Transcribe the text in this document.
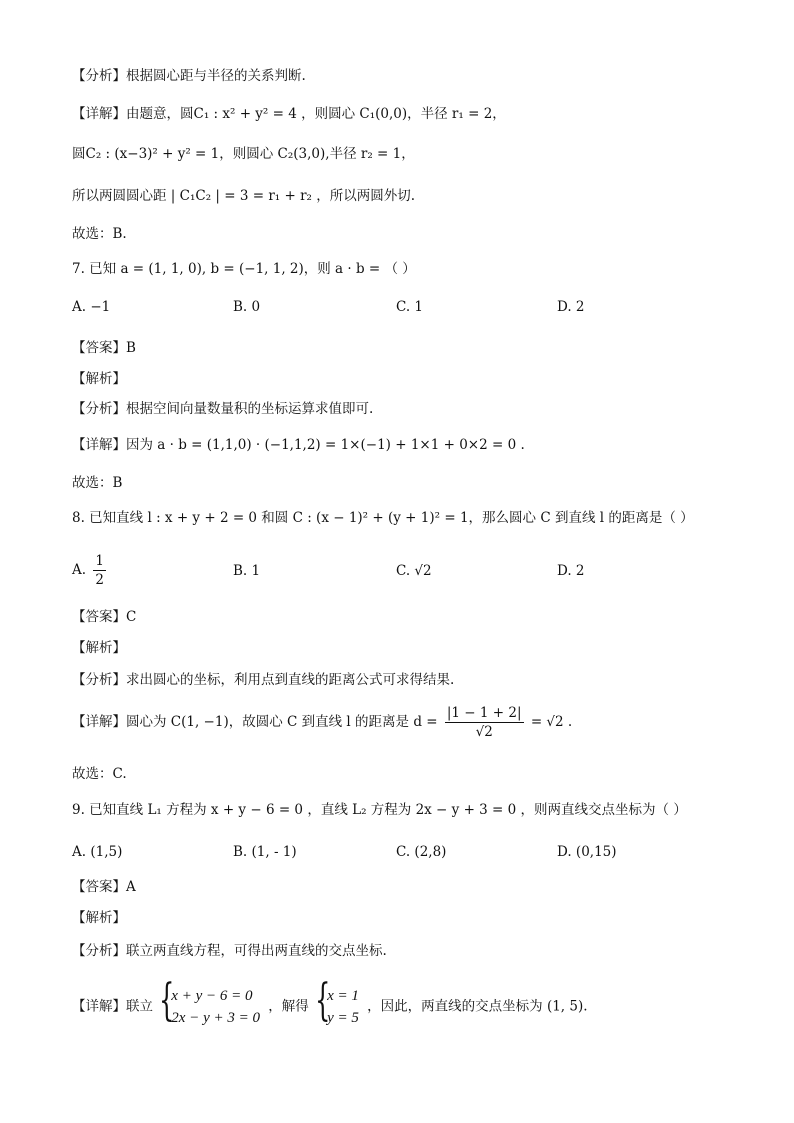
【分析】根据圆心距与半径的关系判断.
【详解】由题意，圆C₁ : x² + y² = 4 ，则圆心 C₁(0,0)，半径 r₁ = 2，
圆C₂ : (x−3)² + y² = 1，则圆心 C₂(3,0),半径 r₂ = 1，
所以两圆圆心距 | C₁C₂ | = 3 = r₁ + r₂ ，所以两圆外切.
故选：B.
7. 已知 a = (1, 1, 0), b = (−1, 1, 2)，则 a · b = （ ）
A. −1	B. 0	C. 1	D. 2
【答案】B
【解析】
【分析】根据空间向量数量积的坐标运算求值即可.
【详解】因为 a · b = (1,1,0) · (−1,1,2) = 1×(−1) + 1×1 + 0×2 = 0 .
故选：B
8. 已知直线 l : x + y + 2 = 0 和圆 C : (x − 1)² + (y + 1)² = 1，那么圆心 C 到直线 l 的距离是（ ）
A. $\frac{1}{2}$	B. 1	C. √2	D. 2
【答案】C
【解析】
【分析】求出圆心的坐标，利用点到直线的距离公式可求得结果.
【详解】圆心为 C(1, −1)，故圆心 C 到直线 l 的距离是 $d = \frac{|1 - 1 + 2|}{√2} = √2$ .
故选：C.
9. 已知直线 L₁ 方程为 x + y − 6 = 0 ，直线 L₂ 方程为 2x − y + 3 = 0 ，则两直线交点坐标为（ ）
A. (1,5)	B. (1, - 1)	C. (2,8)	D. (0,15)
【答案】A
【解析】
【分析】联立两直线方程，可得出两直线的交点坐标.
【详解】联立 {
x + y − 6 = 0
2x − y + 3 = 0
，解得 {
x = 1
y = 5
，因此，两直线的交点坐标为 (1, 5).
